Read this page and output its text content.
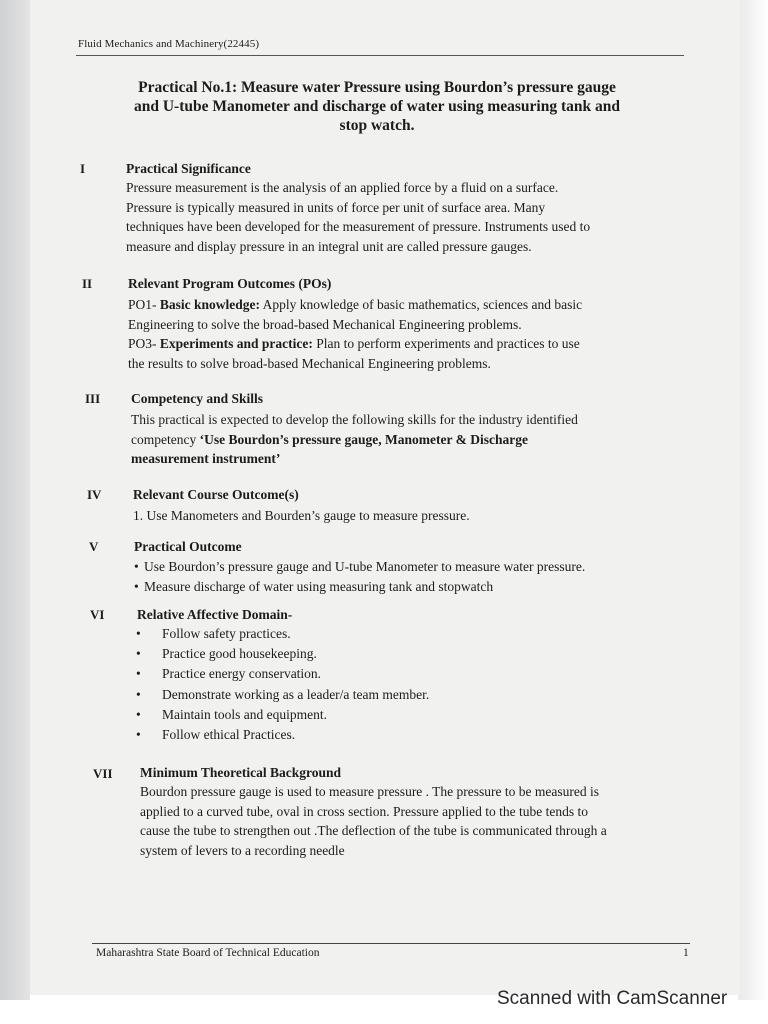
Fluid Mechanics and Machinery(22445)
Practical No.1: Measure water Pressure using Bourdon’s pressure gauge
and U-tube Manometer and discharge of water using measuring tank and
stop watch.
I	Practical Significance
Pressure measurement is the analysis of an applied force by a fluid on a surface.
Pressure is typically measured in units of force per unit of surface area. Many
techniques have been developed for the measurement of pressure. Instruments used to
measure and display pressure in an integral unit are called pressure gauges.
II	Relevant Program Outcomes (POs)
PO1- Basic knowledge: Apply knowledge of basic mathematics, sciences and basic
Engineering to solve the broad-based Mechanical Engineering problems.
PO3- Experiments and practice: Plan to perform experiments and practices to use
the results to solve broad-based Mechanical Engineering problems.
III Competency and Skills
This practical is expected to develop the following skills for the industry identified
competency ‘Use Bourdon’s pressure gauge, Manometer & Discharge
measurement instrument’
IV Relevant Course Outcome(s)
1. Use Manometers and Bourden’s gauge to measure pressure.
V	Practical Outcome
• Use Bourdon’s pressure gauge and U-tube Manometer to measure water pressure.
• Measure discharge of water using measuring tank and stopwatch
VI Relative Affective Domain-
• Follow safety practices.
• Practice good housekeeping.
• Practice energy conservation.
• Demonstrate working as a leader/a team member.
• Maintain tools and equipment.
• Follow ethical Practices.
VII Minimum Theoretical Background
Bourdon pressure gauge is used to measure pressure . The pressure to be measured is
applied to a curved tube, oval in cross section. Pressure applied to the tube tends to
cause the tube to strengthen out .The deflection of the tube is communicated through a
system of levers to a recording needle
Maharashtra State Board of Technical Education	1
Scanned with CamScanner
